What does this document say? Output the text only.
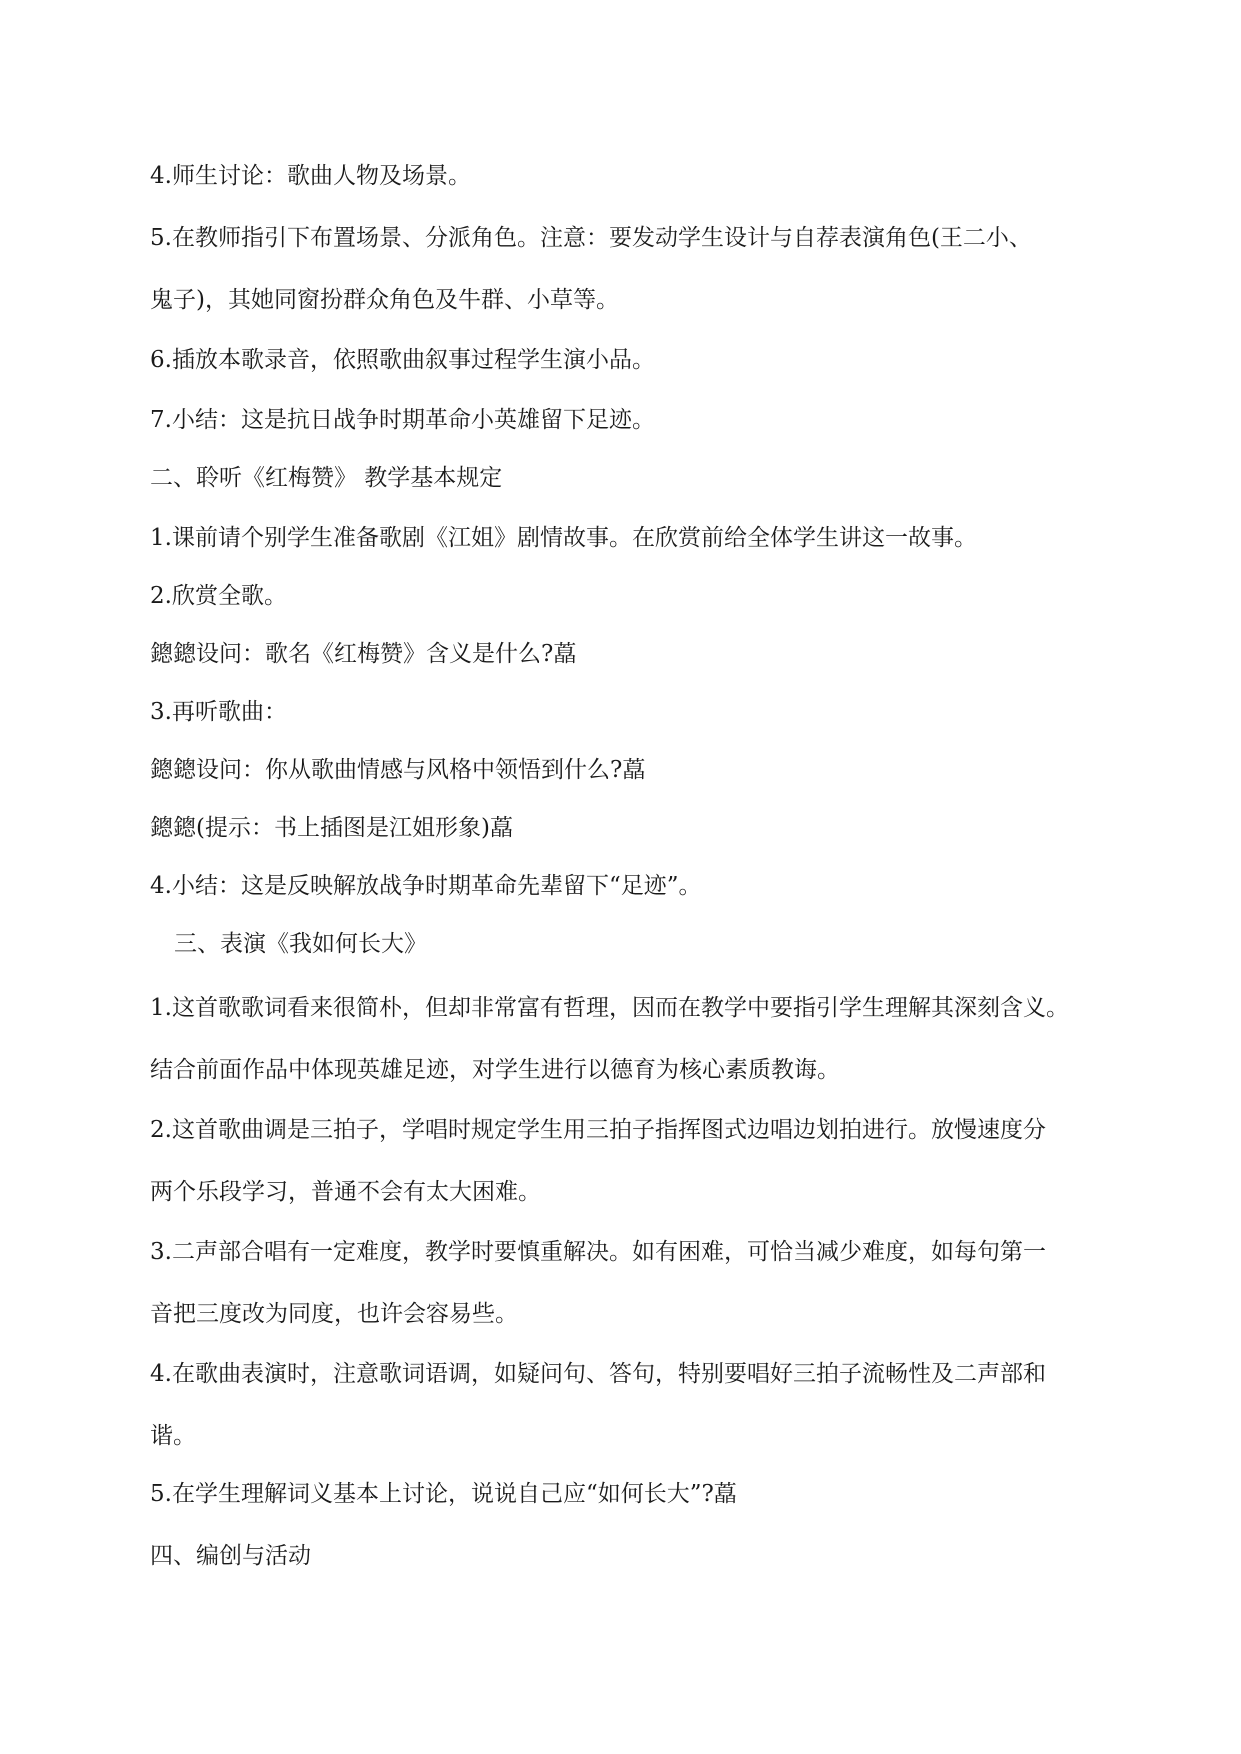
4.师生讨论：歌曲人物及场景。
5.在教师指引下布置场景、分派角色。注意：要发动学生设计与自荐表演角色(王二小、
鬼子)，其她同窗扮群众角色及牛群、小草等。
6.插放本歌录音，依照歌曲叙事过程学生演小品。
7.小结：这是抗日战争时期革命小英雄留下足迹。
二、聆听《红梅赞》 教学基本规定
1.课前请个别学生准备歌剧《江姐》剧情故事。在欣赏前给全体学生讲这一故事。
2.欣赏全歌。
鏓鏓设问：歌名《红梅赞》含义是什么?藠
3.再听歌曲：
鏓鏓设问：你从歌曲情感与风格中领悟到什么?藠
鏓鏓(提示：书上插图是江姐形象)藠
4.小结：这是反映解放战争时期革命先辈留下“足迹”。
三、表演《我如何长大》
1.这首歌歌词看来很简朴，但却非常富有哲理，因而在教学中要指引学生理解其深刻含义。
结合前面作品中体现英雄足迹，对学生进行以德育为核心素质教诲。
2.这首歌曲调是三拍子，学唱时规定学生用三拍子指挥图式边唱边划拍进行。放慢速度分
两个乐段学习，普通不会有太大困难。
3.二声部合唱有一定难度，教学时要慎重解决。如有困难，可恰当减少难度，如每句第一
音把三度改为同度，也许会容易些。
4.在歌曲表演时，注意歌词语调，如疑问句、答句，特别要唱好三拍子流畅性及二声部和
谐。
5.在学生理解词义基本上讨论，说说自己应“如何长大”?藠
四、编创与活动
